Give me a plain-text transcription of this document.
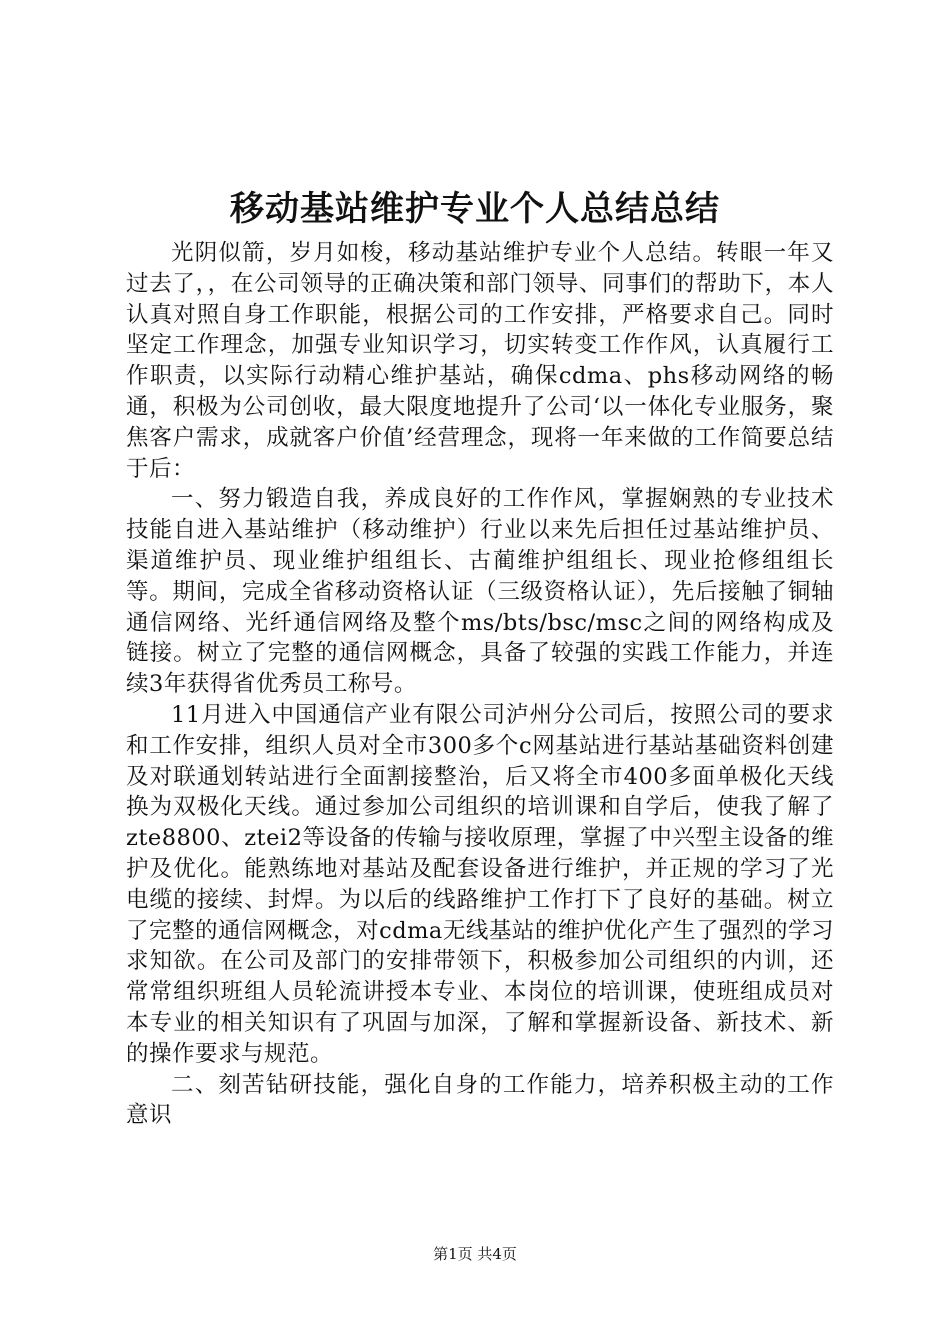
移动基站维护专业个人总结总结

光阴似箭，岁月如梭，移动基站维护专业个人总结。转眼一年又过去了，，在公司领导的正确决策和部门领导、同事们的帮助下，本人认真对照自身工作职能，根据公司的工作安排，严格要求自己。同时坚定工作理念，加强专业知识学习，切实转变工作作风，认真履行工作职责，以实际行动精心维护基站，确保cdma、phs移动网络的畅通，积极为公司创收，最大限度地提升了公司‘以一体化专业服务，聚焦客户需求，成就客户价值’经营理念，现将一年来做的工作简要总结于后：

一、努力锻造自我，养成良好的工作作风，掌握娴熟的专业技术技能自进入基站维护（移动维护）行业以来先后担任过基站维护员、渠道维护员、现业维护组组长、古蔺维护组组长、现业抢修组组长等。期间，完成全省移动资格认证（三级资格认证），先后接触了铜轴通信网络、光纤通信网络及整个ms/bts/bsc/msc之间的网络构成及链接。树立了完整的通信网概念，具备了较强的实践工作能力，并连续3年获得省优秀员工称号。

11月进入中国通信产业有限公司泸州分公司后，按照公司的要求和工作安排，组织人员对全市300多个c网基站进行基站基础资料创建及对联通划转站进行全面割接整治，后又将全市400多面单极化天线换为双极化天线。通过参加公司组织的培训课和自学后，使我了解了zte8800、ztei2等设备的传输与接收原理，掌握了中兴型主设备的维护及优化。能熟练地对基站及配套设备进行维护，并正规的学习了光电缆的接续、封焊。为以后的线路维护工作打下了良好的基础。树立了完整的通信网概念，对cdma无线基站的维护优化产生了强烈的学习求知欲。在公司及部门的安排带领下，积极参加公司组织的内训，还常常组织班组人员轮流讲授本专业、本岗位的培训课，使班组成员对本专业的相关知识有了巩固与加深，了解和掌握新设备、新技术、新的操作要求与规范。

二、刻苦钻研技能，强化自身的工作能力，培养积极主动的工作意识

第1页 共4页
